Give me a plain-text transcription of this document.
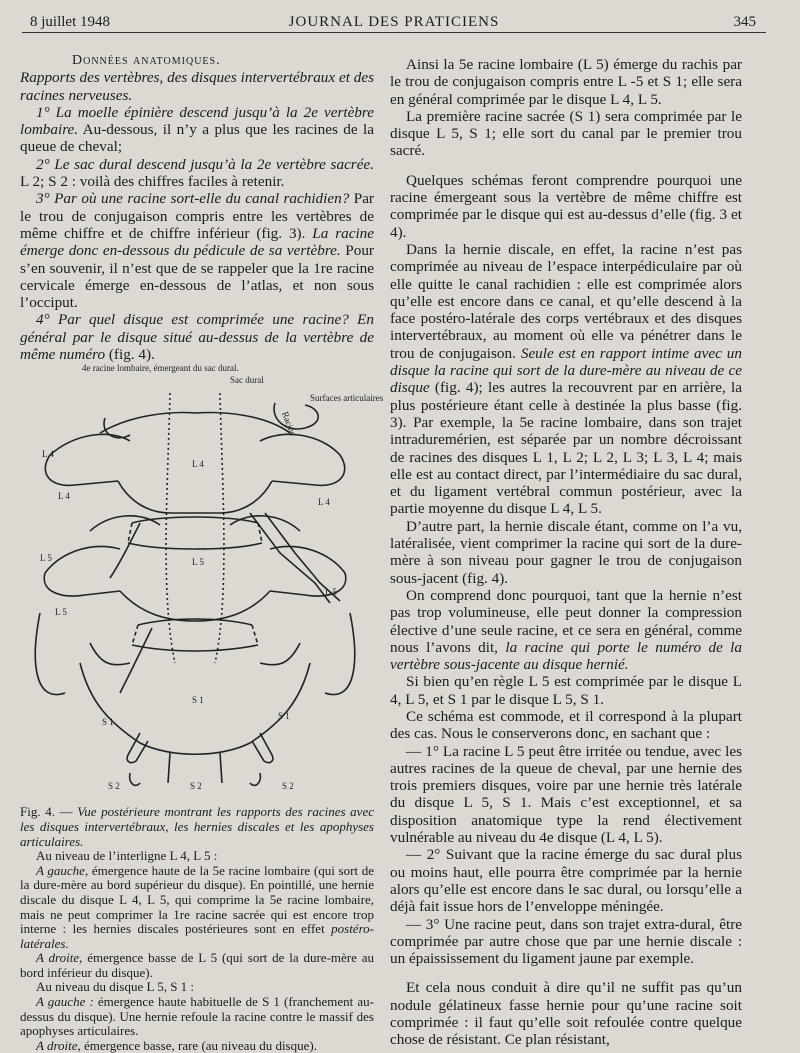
8 juillet 1948	JOURNAL DES PRATICIENS	345

Données anatomiques.

Rapports des vertèbres, des disques intervertébraux et des racines nerveuses.

1° La moelle épinière descend jusqu’à la 2e vertèbre lombaire. Au-dessous, il n’y a plus que les racines de la queue de cheval;

2° Le sac dural descend jusqu’à la 2e vertèbre sacrée. L 2; S 2 : voilà des chiffres faciles à retenir.

3° Par où une racine sort-elle du canal rachidien? Par le trou de conjugaison compris entre les vertèbres de même chiffre et de chiffre inférieur (fig. 3). La racine émerge donc en-dessous du pédicule de sa vertèbre. Pour s’en souvenir, il n’est que de se rappeler que la 1re racine cervicale émerge en-dessous de l’atlas, et non sous l’occiput.

4° Par quel disque est comprimée une racine? En général par le disque situé au-dessus de la vertèbre de même numéro (fig. 4).

4e racine lombaire, émergeant du sac dural.
Sac dural
Surfaces articulaires
Racine
L 4
L 4
L 4
L 4
L 5	L 5
L 5
L 5
S 1
S 1
S 1
S 2	S 2	S 2

Fig. 4. — Vue postérieure montrant les rapports des racines avec les disques intervertébraux, les hernies discales et les apophyses articulaires.

Au niveau de l’interligne L 4, L 5 :

A gauche, émergence haute de la 5e racine lombaire (qui sort de la dure-mère au bord supérieur du disque). En pointillé, une hernie discale du disque L 4, L 5, qui comprime la 5e racine lombaire, mais ne peut comprimer la 1re racine sacrée qui est encore trop interne : les hernies discales postérieures sont en effet postéro-latérales.

A droite, émergence basse de L 5 (qui sort de la dure-mère au bord inférieur du disque).

Au niveau du disque L 5, S 1 :

A gauche : émergence haute habituelle de S 1 (franchement au-dessus du disque). Une hernie refoule la racine contre le massif des apophyses articulaires.

A droite, émergence basse, rare (au niveau du disque).

Ainsi la 5e racine lombaire (L 5) émerge du rachis par le trou de conjugaison compris entre L -5 et S 1; elle sera en général comprimée par le disque L 4, L 5.

La première racine sacrée (S 1) sera comprimée par le disque L 5, S 1; elle sort du canal par le premier trou sacré.

Quelques schémas feront comprendre pourquoi une racine émergeant sous la vertèbre de même chiffre est comprimée par le disque qui est au-dessus d’elle (fig. 3 et 4).

Dans la hernie discale, en effet, la racine n’est pas comprimée au niveau de l’espace interpédiculaire par où elle quitte le canal rachidien : elle est comprimée alors qu’elle est encore dans ce canal, et qu’elle descend à la face postéro-latérale des corps vertébraux et des disques intervertébraux, au moment où elle va pénétrer dans le trou de conjugaison. Seule est en rapport intime avec un disque la racine qui sort de la dure-mère au niveau de ce disque (fig. 4); les autres la recouvrent par en arrière, la plus postérieure étant celle à destinée la plus basse (fig. 3). Par exemple, la 5e racine lombaire, dans son trajet intraduremérien, est séparée par un nombre décroissant de racines des disques L 1, L 2; L 2, L 3; L 3, L 4; mais elle est au contact direct, par l’intermédiaire du sac dural, et du ligament vertébral commun postérieur, avec la partie moyenne du disque L 4, L 5.

D’autre part, la hernie discale étant, comme on l’a vu, latéralisée, vient comprimer la racine qui sort de la dure-mère à son niveau pour gagner le trou de conjugaison sous-jacent (fig. 4).

On comprend donc pourquoi, tant que la hernie n’est pas trop volumineuse, elle peut donner la compression élective d’une seule racine, et ce sera en général, comme nous l’avons dit, la racine qui porte le numéro de la vertèbre sous-jacente au disque hernié.

Si bien qu’en règle L 5 est comprimée par le disque L 4, L 5, et S 1 par le disque L 5, S 1.

Ce schéma est commode, et il correspond à la plupart des cas. Nous le conserverons donc, en sachant que :

— 1° La racine L 5 peut être irritée ou tendue, avec les autres racines de la queue de cheval, par une hernie des trois premiers disques, voire par une hernie très latérale du disque L 5, S 1. Mais c’est exceptionnel, et sa disposition anatomique type la rend électivement vulnérable au niveau du 4e disque (L 4, L 5).

— 2° Suivant que la racine émerge du sac dural plus ou moins haut, elle pourra être comprimée par la hernie alors qu’elle est encore dans le sac dural, ou lorsqu’elle a déjà fait issue hors de l’enveloppe méningée.

— 3° Une racine peut, dans son trajet extra-dural, être comprimée par autre chose que par une hernie discale : un épaississement du ligament jaune par exemple.

Et cela nous conduit à dire qu’il ne suffit pas qu’un nodule gélatineux fasse hernie pour qu’une racine soit comprimée : il faut qu’elle soit refoulée contre quelque chose de résistant. Ce plan résistant,
